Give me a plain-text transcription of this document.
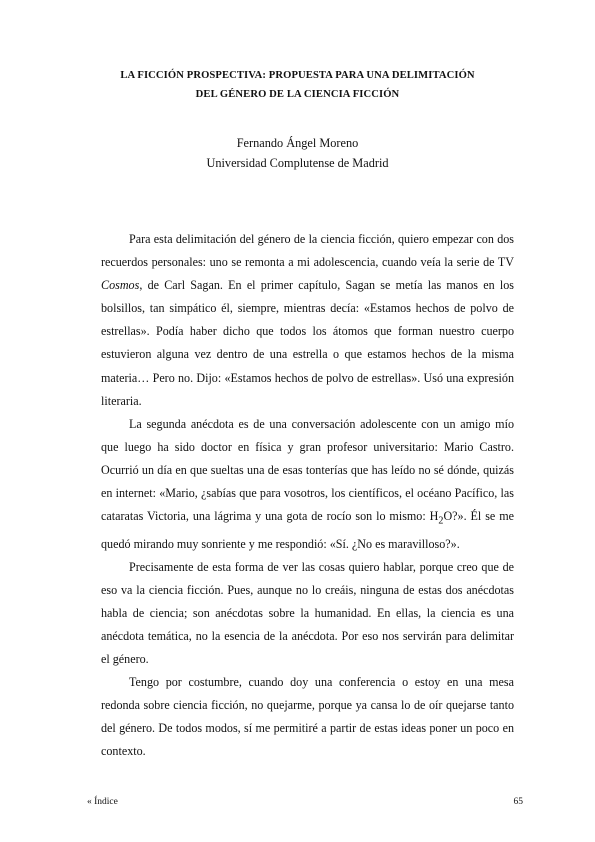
LA FICCIÓN PROSPECTIVA: PROPUESTA PARA UNA DELIMITACIÓN
DEL GÉNERO DE LA CIENCIA FICCIÓN
Fernando Ángel Moreno
Universidad Complutense de Madrid

Para esta delimitación del género de la ciencia ficción, quiero empezar con dos recuerdos personales: uno se remonta a mi adolescencia, cuando veía la serie de TV Cosmos, de Carl Sagan. En el primer capítulo, Sagan se metía las manos en los bolsillos, tan simpático él, siempre, mientras decía: «Estamos hechos de polvo de estrellas». Podía haber dicho que todos los átomos que forman nuestro cuerpo estuvieron alguna vez dentro de una estrella o que estamos hechos de la misma materia… Pero no. Dijo: «Estamos hechos de polvo de estrellas». Usó una expresión literaria.

La segunda anécdota es de una conversación adolescente con un amigo mío que luego ha sido doctor en física y gran profesor universitario: Mario Castro. Ocurrió un día en que sueltas una de esas tonterías que has leído no sé dónde, quizás en internet: «Mario, ¿sabías que para vosotros, los científicos, el océano Pacífico, las cataratas Victoria, una lágrima y una gota de rocío son lo mismo: $H_2O$?». Él se me quedó mirando muy sonriente y me respondió: «Sí. ¿No es maravilloso?».

Precisamente de esta forma de ver las cosas quiero hablar, porque creo que de eso va la ciencia ficción. Pues, aunque no lo creáis, ninguna de estas dos anécdotas habla de ciencia; son anécdotas sobre la humanidad. En ellas, la ciencia es una anécdota temática, no la esencia de la anécdota. Por eso nos servirán para delimitar el género.

Tengo por costumbre, cuando doy una conferencia o estoy en una mesa redonda sobre ciencia ficción, no quejarme, porque ya cansa lo de oír quejarse tanto del género. De todos modos, sí me permitiré a partir de estas ideas poner un poco en contexto.

« Índice	65
